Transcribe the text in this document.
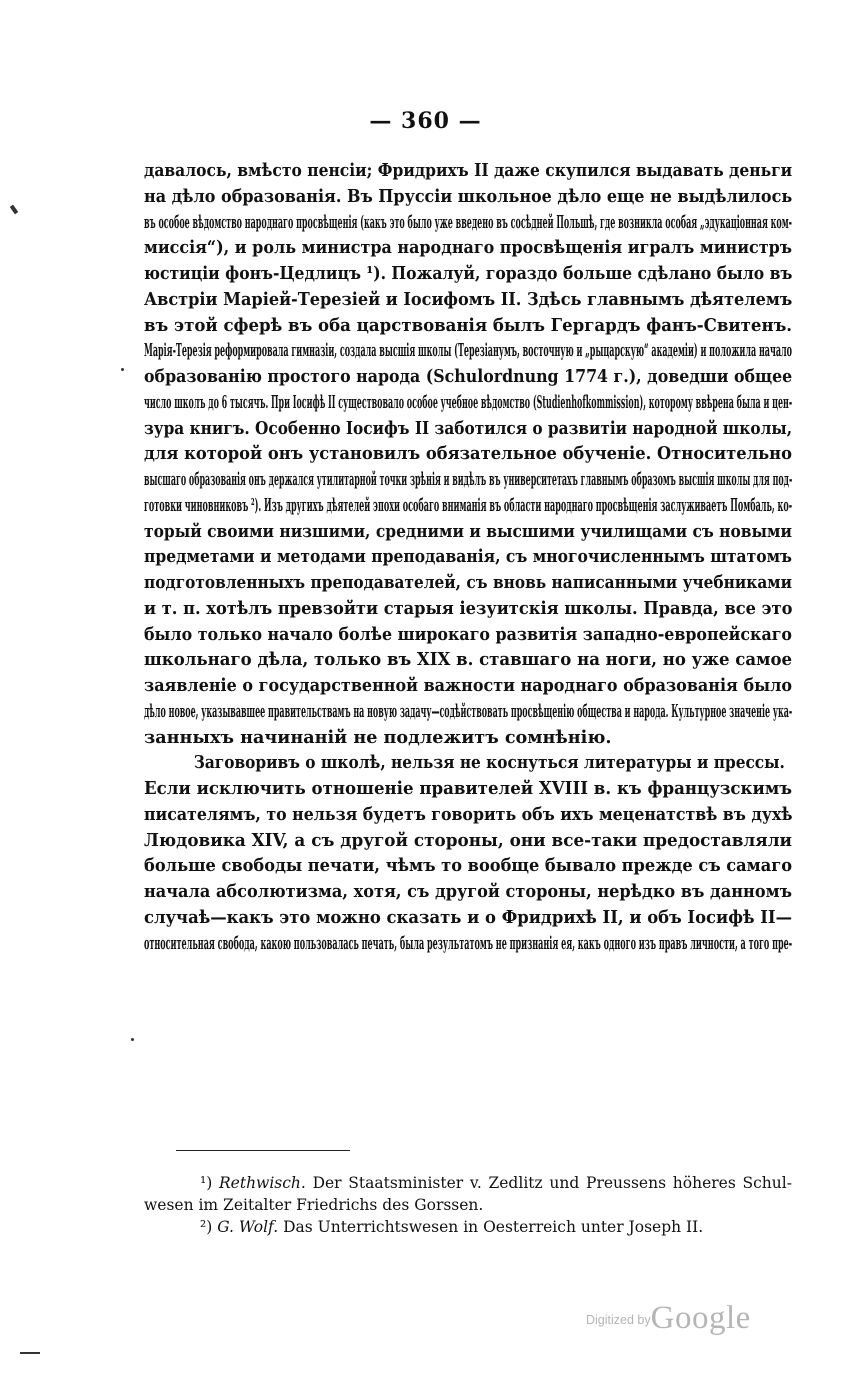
— 360 —
давалось, вмѣсто пенсіи; Фридрихъ II даже скупился выдавать деньги
на дѣло образованія. Въ Пруссіи школьное дѣло еще не выдѣлилось
въ особое вѣдомство народнаго просвѣщенія (какъ это было уже введено въ сосѣдней Польшѣ, где возникла особая „эдукаціонная ком-
миссія“), и роль министра народнаго просвѣщенія игралъ министръ
юстиціи фонъ-Цедлицъ ¹). Пожалуй, гораздо больше сдѣлано было въ
Австріи Маріей-Терезіей и Іосифомъ II. Здѣсь главнымъ дѣятелемъ
въ этой сферѣ въ оба царствованія былъ Гергардъ фанъ-Свитенъ.
Марія-Терезія реформировала гимназіи, создала высшія школы (Терезіанумъ, восточную и „рыцарскую“ академіи) и положила начало
образованію простого народа (Schulordnung 1774 г.), доведши общее
число школъ до 6 тысячъ. При Іосифѣ II существовало особое учебное вѣдомство (Studienhofkommission), которому ввѣрена была и цен-
зура книгъ. Особенно Іосифъ II заботился о развитіи народной школы,
для которой онъ установилъ обязательное обученіе. Относительно
высшаго образованія онъ держался утилитарной точки зрѣнія и видѣлъ въ университетахъ главнымъ образомъ высшія школы для под-
готовки чиновниковъ ²). Изъ другихъ дѣятелей эпохи особаго вниманія въ области народнаго просвѣщенія заслуживаетъ Помбаль, ко-
торый своими низшими, средними и высшими училищами съ новыми
предметами и методами преподаванія, съ многочисленнымъ штатомъ
подготовленныхъ преподавателей, съ вновь написанными учебниками
и т. п. хотѣлъ превзойти старыя іезуитскія школы. Правда, все это
было только начало болѣе широкаго развитія западно-европейскаго
школьнаго дѣла, только въ XIX в. ставшаго на ноги, но уже самое
заявленіе о государственной важности народнаго образованія было
дѣло новое, указывавшее правительствамъ на новую задачу—содѣйствовать просвѣщенію общества и народа. Культурное значеніе ука-
занныхъ начинаній не подлежитъ сомнѣнію.
Заговоривъ о школѣ, нельзя не коснуться литературы и прессы.
Если исключить отношеніе правителей XVIII в. къ французскимъ
писателямъ, то нельзя будетъ говорить объ ихъ меценатствѣ въ духѣ
Людовика XIV, а съ другой стороны, они все-таки предоставляли
больше свободы печати, чѣмъ то вообще бывало прежде съ самаго
начала абсолютизма, хотя, съ другой стороны, нерѣдко въ данномъ
случаѣ—какъ это можно сказать и о Фридрихѣ II, и объ Іосифѣ II—
относительная свобода, какою пользовалась печать, была результатомъ не признанія ея, какъ одного изъ правъ личности, а того пре-
¹) Rethwisch. Der Staatsminister v. Zedlitz und Preussens höheres Schul-
wesen im Zeitalter Friedrichs des Gorssen.
²) G. Wolf. Das Unterrichtswesen in Oesterreich unter Joseph II.
$^{Digitized by}$Google
